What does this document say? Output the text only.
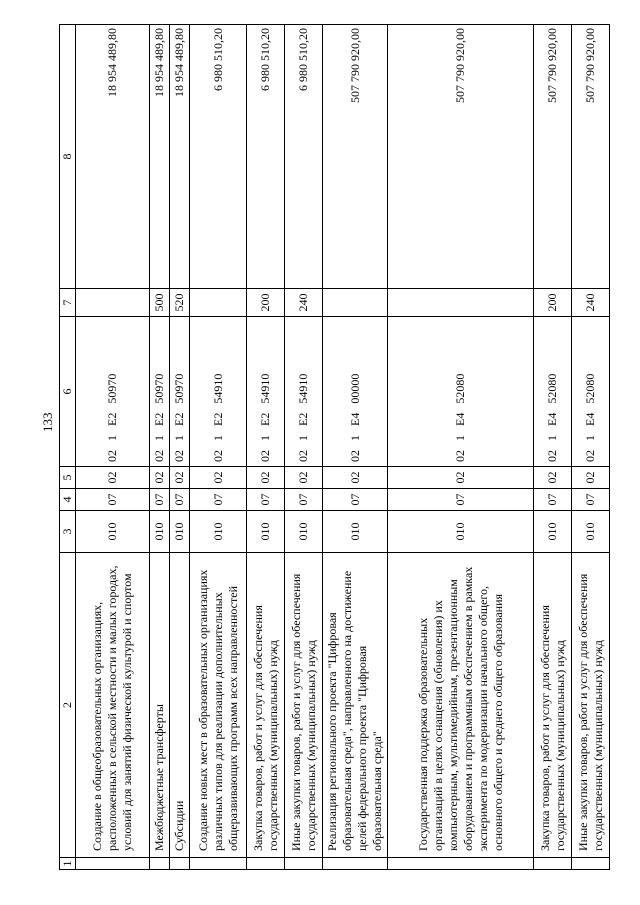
133
1	2	3	4	5	6	7	8
	Создание в общеобразовательных организациях, расположенных в сельской местности и малых городах, условий для занятий физической культурой и спортом	010	07	02	02   1   E2   50970		18 954 489,80
	Межбюджетные трансферты	010	07	02	02   1   E2   50970	500	18 954 489,80
	Субсидии	010	07	02	02   1   E2   50970	520	18 954 489,80
	Создание новых мест в образовательных организациях различных типов для реализации дополнительных общеразвивающих программ всех направленностей	010	07	02	02   1   E2   54910		6 980 510,20
	Закупка товаров, работ и услуг для обеспечения государственных (муниципальных) нужд	010	07	02	02   1   E2   54910	200	6 980 510,20
	Иные закупки товаров, работ и услуг для обеспечения государственных (муниципальных) нужд	010	07	02	02   1   E2   54910	240	6 980 510,20
	Реализация регионального проекта "Цифровая образовательная среда", направленного на достижение целей федерального проекта "Цифровая образовательная среда"	010	07	02	02   1   E4   00000		507 790 920,00
	Государственная поддержка образовательных организаций в целях оснащения (обновления) их компьютерным, мультимедийным, презентационным оборудованием и программным обеспечением в рамках эксперимента по модернизации начального общего, основного общего и среднего общего образования	010	07	02	02   1   E4   52080		507 790 920,00
	Закупка товаров, работ и услуг для обеспечения государственных (муниципальных) нужд	010	07	02	02   1   E4   52080	200	507 790 920,00
	Иные закупки товаров, работ и услуг для обеспечения государственных (муниципальных) нужд	010	07	02	02   1   E4   52080	240	507 790 920,00
